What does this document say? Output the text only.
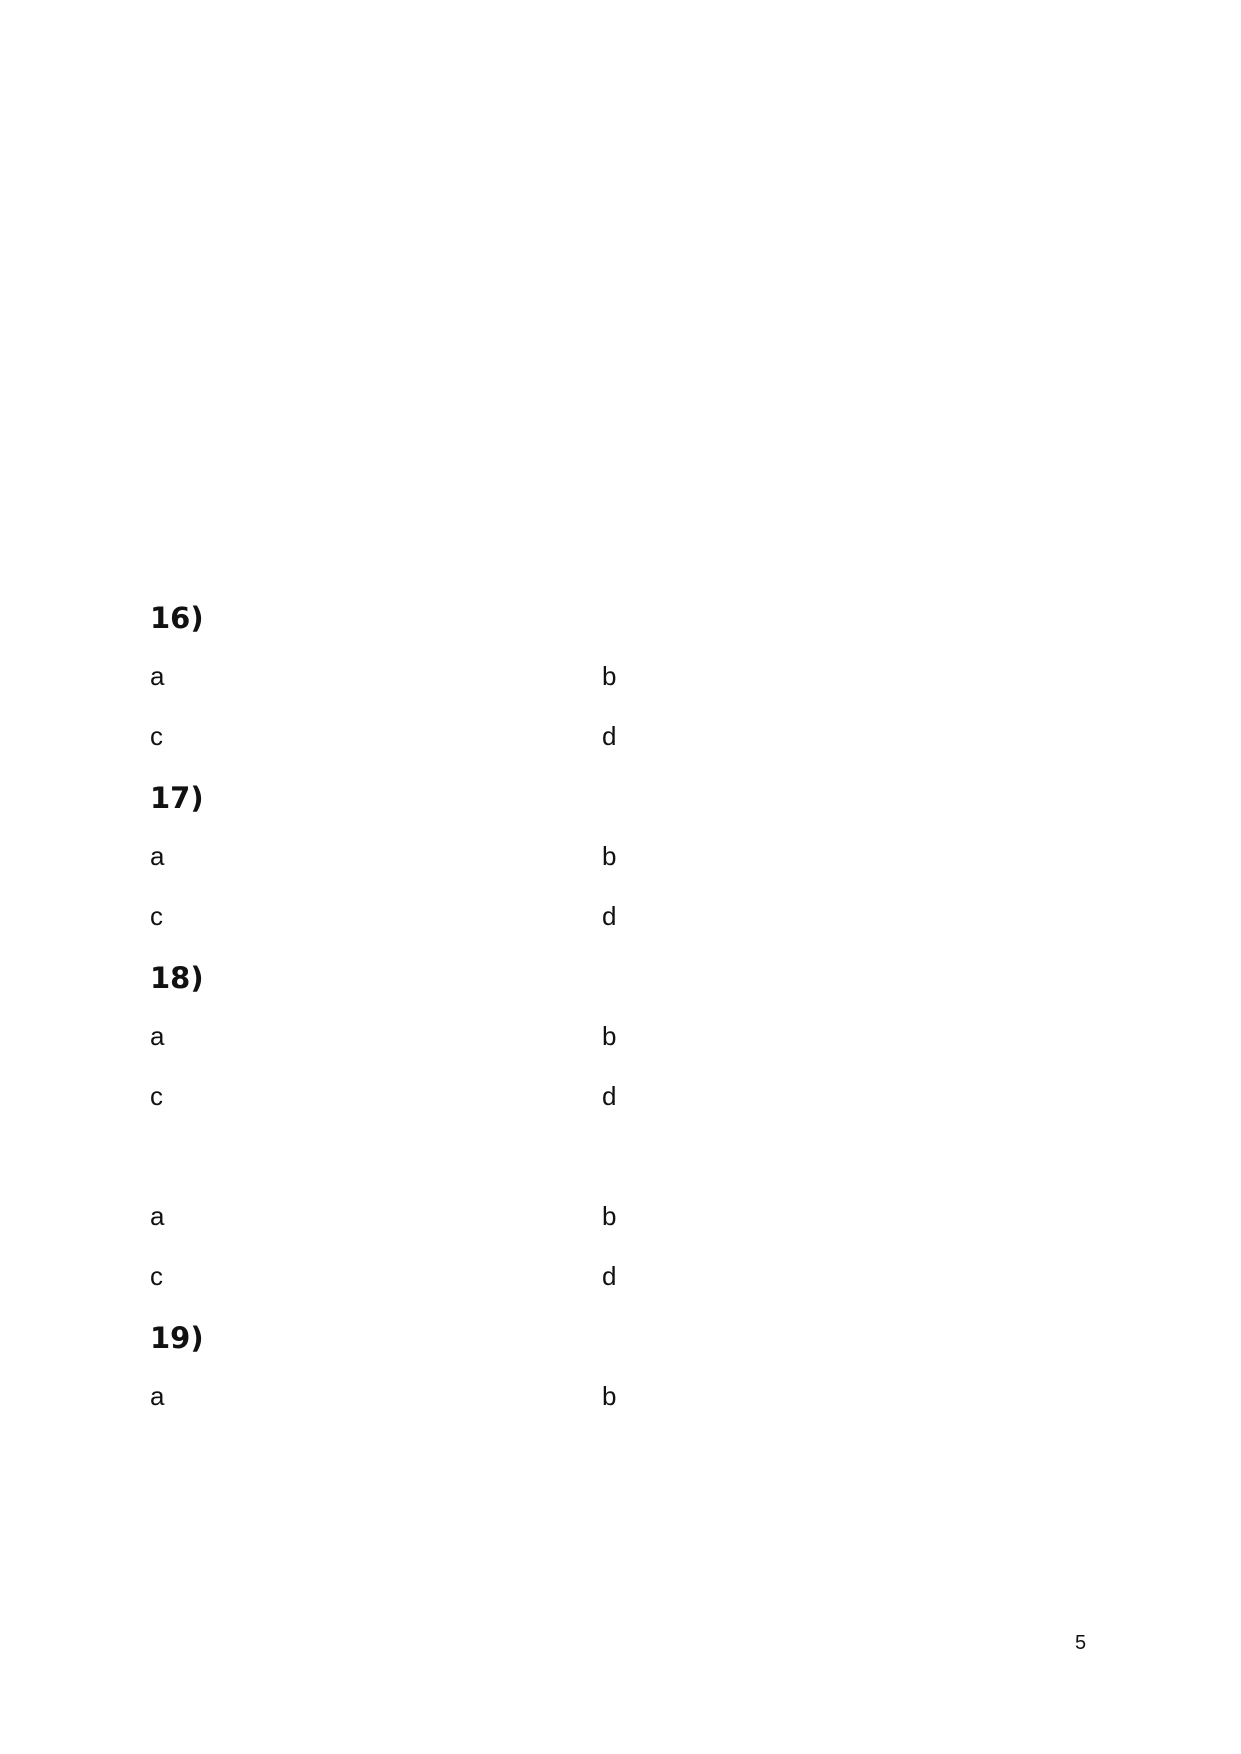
16)
a	b
c	d
17)
a	b
c	d
18)
a	b
c	d
a	b
c	d
19)
a	b
5
